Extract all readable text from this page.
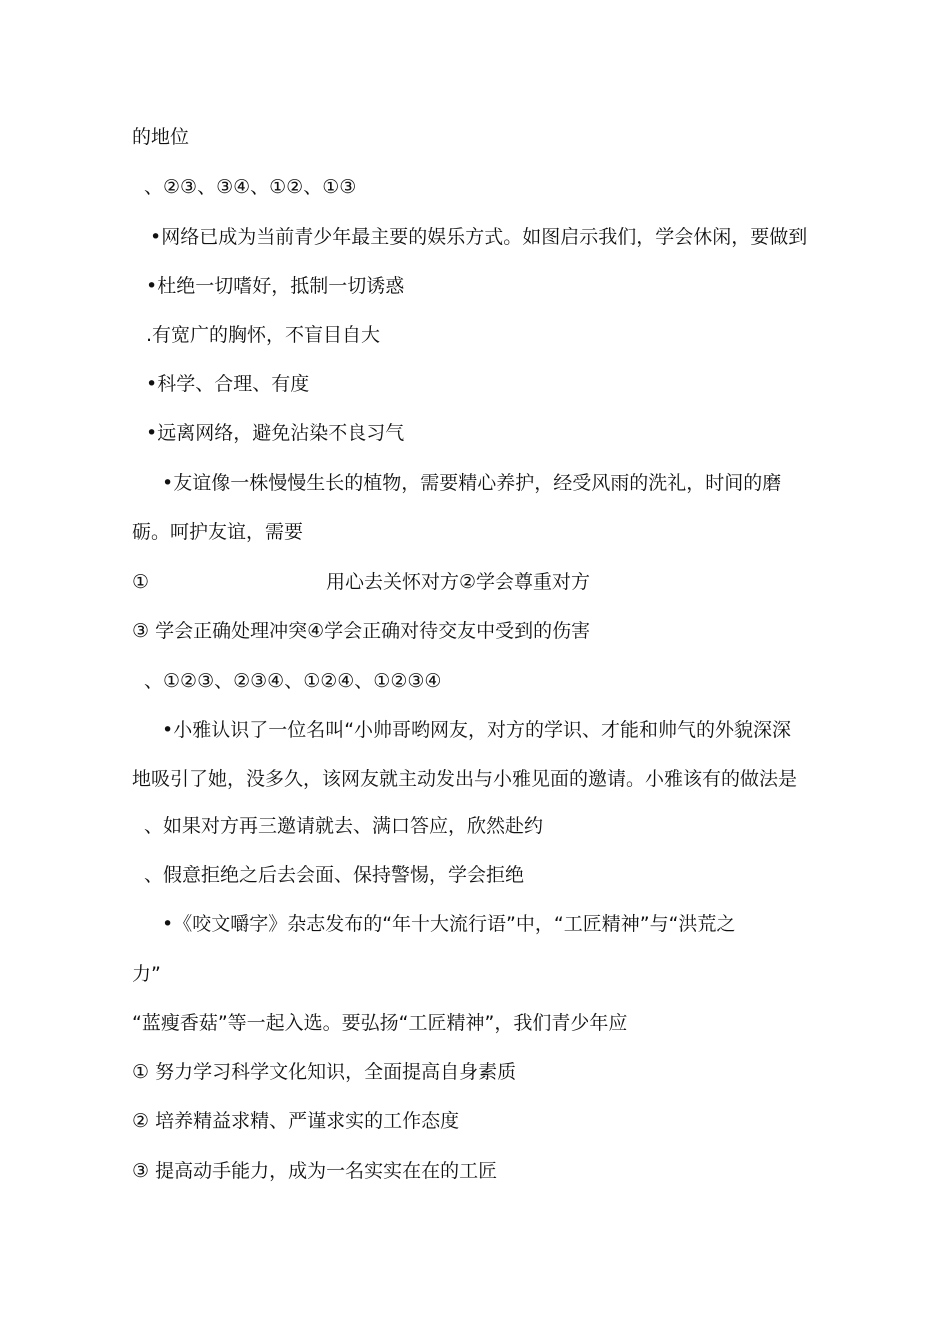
的地位
、②③、③④、①②、①③
•网络已成为当前青少年最主要的娱乐方式。如图启示我们，学会休闲，要做到
•杜绝一切嗜好，抵制一切诱惑
.有宽广的胸怀，不盲目自大
•科学、合理、有度
•远离网络，避免沾染不良习气
•友谊像一株慢慢生长的植物，需要精心养护，经受风雨的洗礼，时间的磨
砺。呵护友谊，需要
①	用心去关怀对方②学会尊重对方
③ 学会正确处理冲突④学会正确对待交友中受到的伤害
、①②③、②③④、①②④、①②③④
•小雅认识了一位名叫“小帅哥哟网友，对方的学识、才能和帅气的外貌深深
地吸引了她，没多久，该网友就主动发出与小雅见面的邀请。小雅该有的做法是
、如果对方再三邀请就去、满口答应，欣然赴约
、假意拒绝之后去会面、保持警惕，学会拒绝
•《咬文嚼字》杂志发布的“年十大流行语”中，“工匠精神”与“洪荒之
力”
“蓝瘦香菇”等一起入选。要弘扬“工匠精神”，我们青少年应
① 努力学习科学文化知识，全面提高自身素质
② 培养精益求精、严谨求实的工作态度
③ 提高动手能力，成为一名实实在在的工匠
